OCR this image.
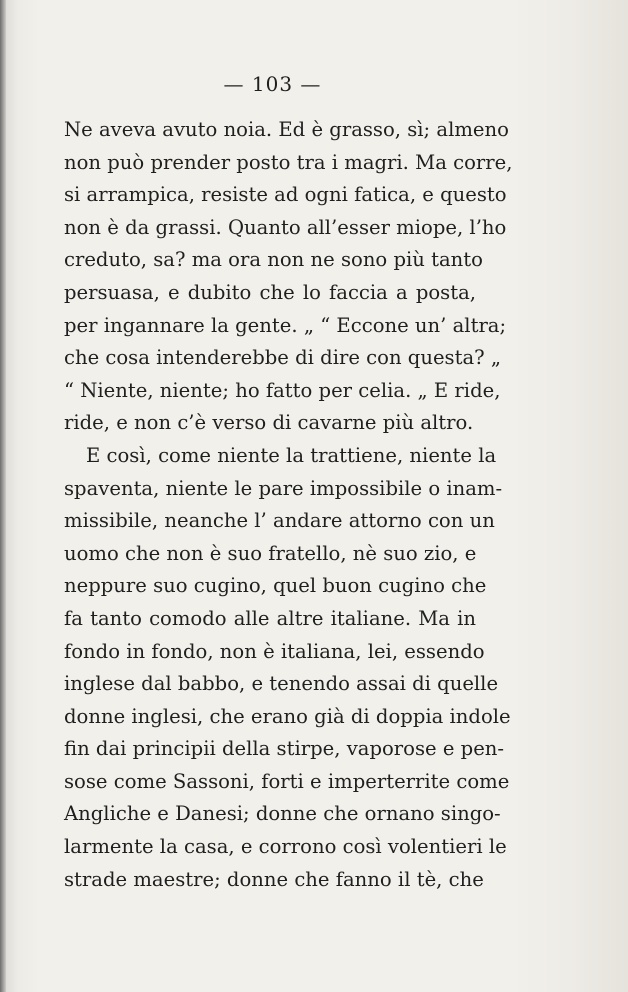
— 103 —
Ne aveva avuto noia. Ed è grasso, sì; almeno
non può prender posto tra i magri. Ma corre,
si arrampica, resiste ad ogni fatica, e questo
non è da grassi. Quanto all’esser miope, l’ho
creduto, sa? ma ora non ne sono più tanto
persuasa, e dubito che lo faccia a posta,
per ingannare la gente. „ “ Eccone un’ altra;
che cosa intenderebbe di dire con questa? „
“ Niente, niente; ho fatto per celia. „ E ride,
ride, e non c’è verso di cavarne più altro.
E così, come niente la trattiene, niente la
spaventa, niente le pare impossibile o inam-
missibile, neanche l’ andare attorno con un
uomo che non è suo fratello, nè suo zio, e
neppure suo cugino, quel buon cugino che
fa tanto comodo alle altre italiane. Ma in
fondo in fondo, non è italiana, lei, essendo
inglese dal babbo, e tenendo assai di quelle
donne inglesi, che erano già di doppia indole
fin dai principii della stirpe, vaporose e pen-
sose come Sassoni, forti e imperterrite come
Angliche e Danesi; donne che ornano singo-
larmente la casa, e corrono così volentieri le
strade maestre; donne che fanno il tè, che
